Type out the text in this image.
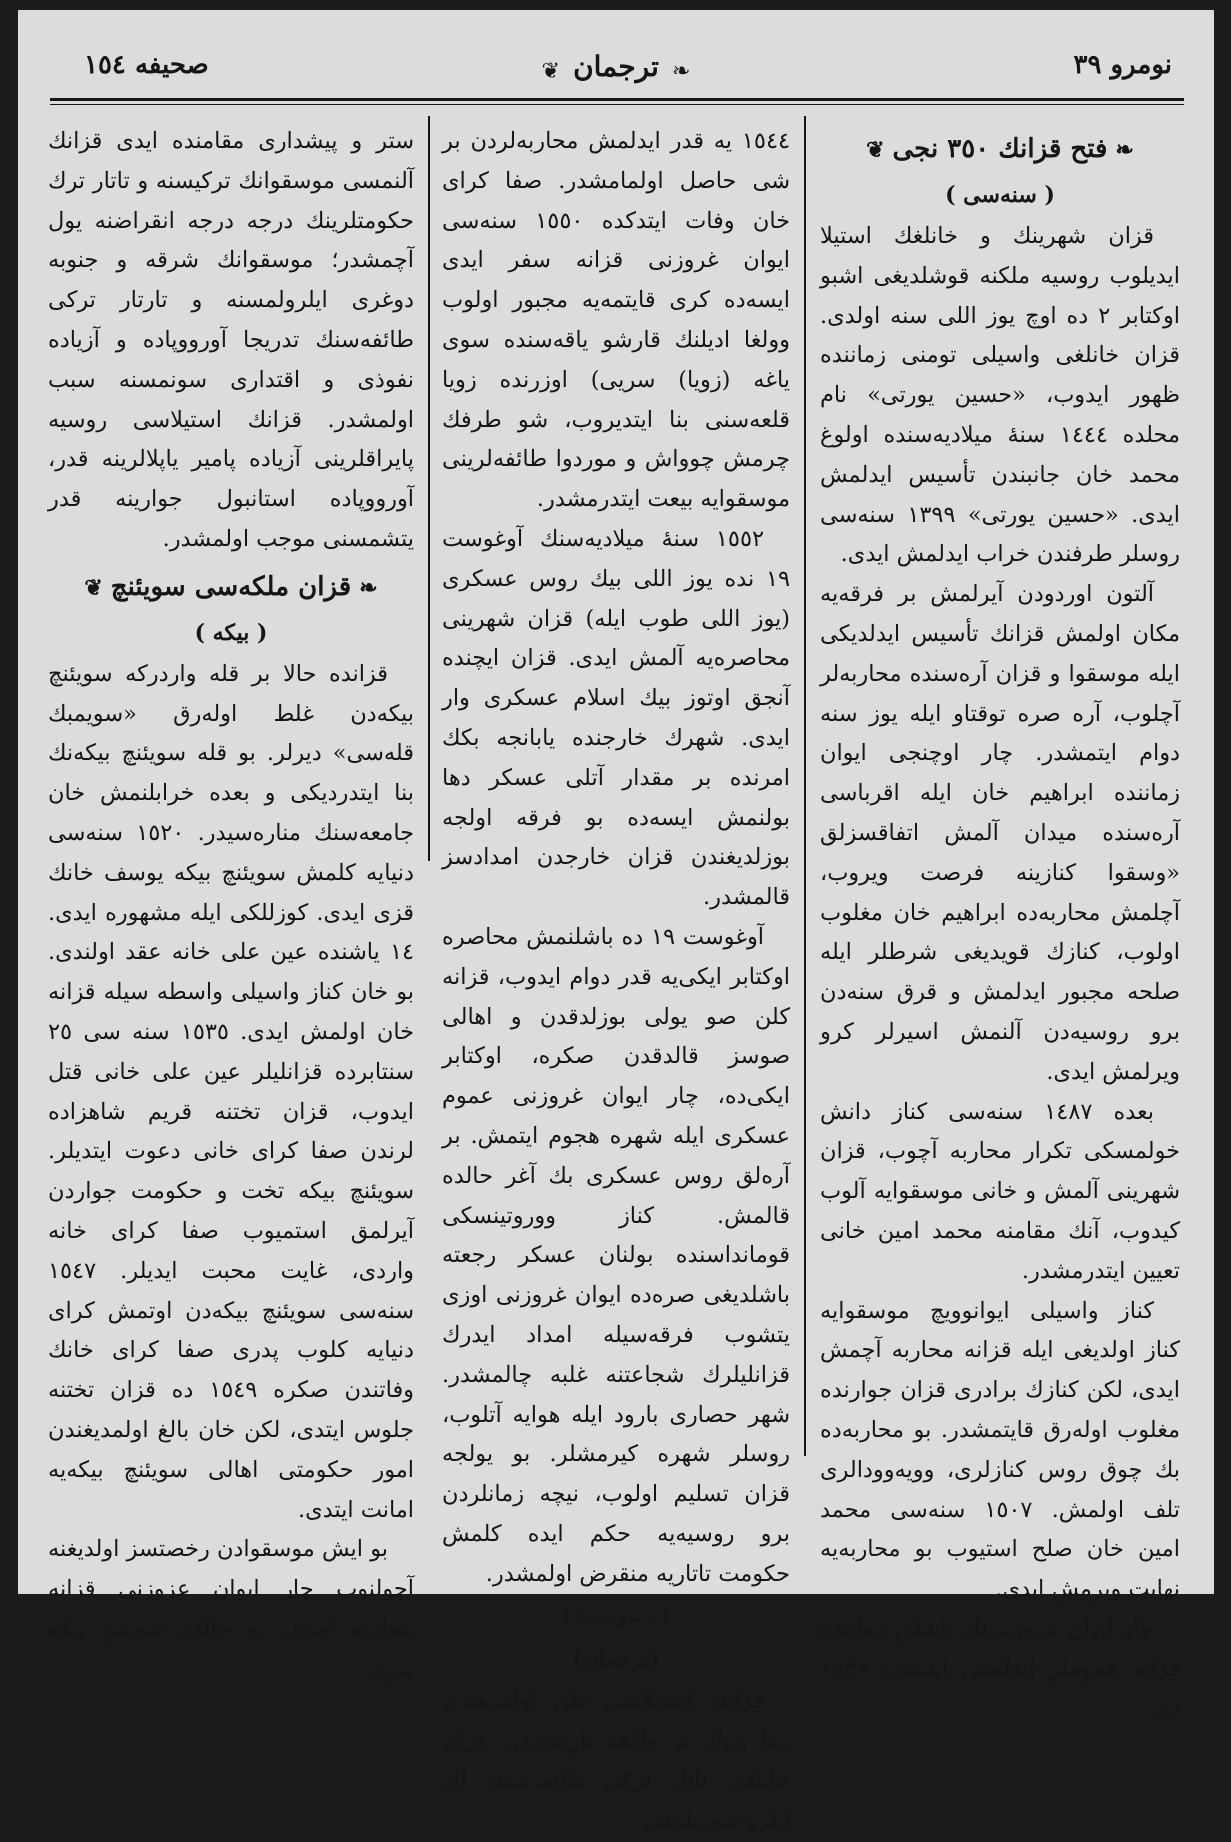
نومرو ٣٩
❦ ترجمان ❧
صحيفه ١٥٤
❧فتح قزانك ٣٥٠ نجى❦
( سنه‌سى )

قزان شهرينك و خانلغك استيلا ايديلوب روسيه ملكنه قوشلديغى اشبو اوكتابر ٢ ده اوچ يوز اللى سنه اولدى. قزان خانلغى واسيلى تومنى زماننده ظهور ايدوب، «حسين يورتى» نام محلده ١٤٤٤ سنهٔ ميلاديه‌سنده اولوغ محمد خان جانبندن تأسيس ايدلمش ايدى. «حسين يورتى» ١٣٩٩ سنه‌سى روسلر طرفندن خراب ايدلمش ايدى.

آلتون اوردودن آيرلمش بر فرقه‌يه مكان اولمش قزانك تأسيس ايدلديكى ايله موسقوا و قزان آره‌سنده محاربه‌لر آچلوب، آره صره توقتاو ايله يوز سنه دوام ايتمشدر. چار اوچنجى ايوان زماننده ابراهيم خان ايله اقرباسى آره‌سنده ميدان آلمش اتفاقسزلق «وسقوا كنازينه فرصت ويروب، آچلمش محاربه‌ده ابراهيم خان مغلوب اولوب، كنازك قويديغى شرطلر ايله صلحه مجبور ايدلمش و قرق سنه‌دن برو روسيه‌دن آلنمش اسيرلر كرو ويرلمش ايدى.

بعده ١٤٨٧ سنه‌سى كناز دانش خولمسكى تكرار محاربه آچوب، قزان شهرينى آلمش و خانى موسقوايه آلوب كيدوب، آنك مقامنه محمد امين خانى تعيين ايتدرمشدر.

كناز واسيلى ايوانوويچ موسقوايه كناز اولديغى ايله قزانه محاربه آچمش ايدى، لكن كنازك برادرى قزان جوارنده مغلوب اوله‌رق قايتمشدر. بو محاربه‌ده بك چوق روس كنازلرى، وويه‌وودالرى تلف اولمش. ١٥٠٧ سنه‌سى محمد امين خان صلح استيوب بو محاربه‌يه نهايت ويرمش ايدى.

چار ايوان غروزنى‌نك ياشلق زماننده قزانه هجوملر ايدلمش ايسه‌ده ١٥٣٧ دن

١٥٤٤ يه قدر ايدلمش محاربه‌لردن بر شى حاصل اولمامشدر. صفا كراى خان وفات ايتدكده ١٥٥٠ سنه‌سى ايوان غروزنى قزانه سفر ايدى ايسه‌ده كرى قايتمه‌يه مجبور اولوب وولغا اديلنك قارشو ياقه‌سنده سوى ياغه (زويا) سريى) اوزرنده زويا قلعه‌سنى بنا ايتديروب، شو طرفك چرمش چوواش و موردوا طائفه‌لرينى موسقوايه بيعت ايتدرمشدر.

١٥٥٢ سنهٔ ميلاديه‌سنك آوغوست ١٩ نده يوز اللى بيك روس عسكرى (يوز اللى طوب ايله) قزان شهرينى محاصره‌يه آلمش ايدى. قزان ايچنده آنجق اوتوز بيك اسلام عسكرى وار ايدى. شهرك خارجنده يابانجه بكك امرنده بر مقدار آتلى عسكر دها بولنمش ايسه‌ده بو فرقه اولجه بوزلديغندن قزان خارجدن امدادسز قالمشدر.

آوغوست ١٩ ده باشلنمش محاصره اوكتابر ايكى‌يه قدر دوام ايدوب، قزانه كلن صو يولى بوزلدقدن و اهالى صوسز قالدقدن صكره، اوكتابر ايكى‌ده، چار ايوان غروزنى عموم عسكرى ايله شهره هجوم ايتمش. بر آره‌لق روس عسكرى بك آغر حالده قالمش. كناز ووروتينسكى قوماندا‌سنده بولنان عسكر رجعته باشلديغى صره‌ده ايوان غروزنى اوزى يتشوب فرقه‌سيله امداد ايدرك قزانليلرك شجاعتنه غلبه چالمشدر. شهر حصارى بارود ايله هوايه آتلوب، روسلر شهره كيرمشلر. بو يولجه قزان تسليم اولوب، نيچه زمانلردن برو روسيه‌يه حكم ايده كلمش حكومت تاتاريه منقرض اولمشدر.

(«سووت»)
(ترجمان)

قزانك استيلاسى ظن اولنديغندن دها بيوك بر واقعهٔ تاريخيه‌در. قزان خانلغى تاتار تركى طائفه‌سنك اك ايلرو سوريلمش

ستر و پيشدارى مقامنده ايدى قزانك آلنمسى موسقوانك تركيسنه و تاتار ترك حكومتلرينك درجه درجه انقراضنه يول آچمشدر؛ موسقوانك شرقه و جنوبه دوغرى ايلرولمسنه و تارتار تركى طائفه‌سنك تدريجا آورووپاده و آزياده نفوذى و اقتدارى سونمسنه سبب اولمشدر. قزانك استيلاسى روسيه پايراقلرينى آزياده پامير ياپلالرينه قدر، آورووپاده استانبول جوارينه قدر يتشمسنى موجب اولمشدر.

❧قزان ملكه‌سى سويئنچ❦
( بيكه )

قزانده حالا بر قله واردركه سويئنچ بيكه‌دن غلط اوله‌رق «سويمبك قله‌سى» ديرلر. بو قله سويئنچ بيكه‌نك بنا ايتدرديكى و بعده خرابلنمش خان جامعه‌سنك مناره‌سيدر. ١٥٢٠ سنه‌سى دنيايه كلمش سويئنچ بيكه يوسف خانك قزى ايدى. كوزللكى ايله مشهوره ايدى. ١٤ ياشنده عين على خانه عقد اولندى. بو خان كناز واسيلى واسطه سيله قزانه خان اولمش ايدى. ١٥٣٥ سنه سى ٢٥ سنتابرده قزانليلر عين على خانى قتل ايدوب، قزان تختنه قريم شاهزاده لرندن صفا كراى خانى دعوت ايتديلر. سويئنچ بيكه تخت و حكومت جواردن آيرلمق استميوب صفا كراى خانه واردى، غايت محبت ايديلر. ١٥٤٧ سنه‌سى سويئنچ بيكه‌دن اوتمش كراى دنيايه كلوب پدرى صفا كراى خانك وفاتندن صكره ١٥٤٩ ده قزان تختنه جلوس ايتدى، لكن خان بالغ اولمديغندن امور حكومتى اهالى سويئنچ بيكه‌يه امانت ايتدى.

بو ايش موسقوادن رخصتسز اولديغنه آچولنوب چار ايوان عزوزنى قزانه محاربه آچدى. بو حالده سويئنچ بيكه پدرى
